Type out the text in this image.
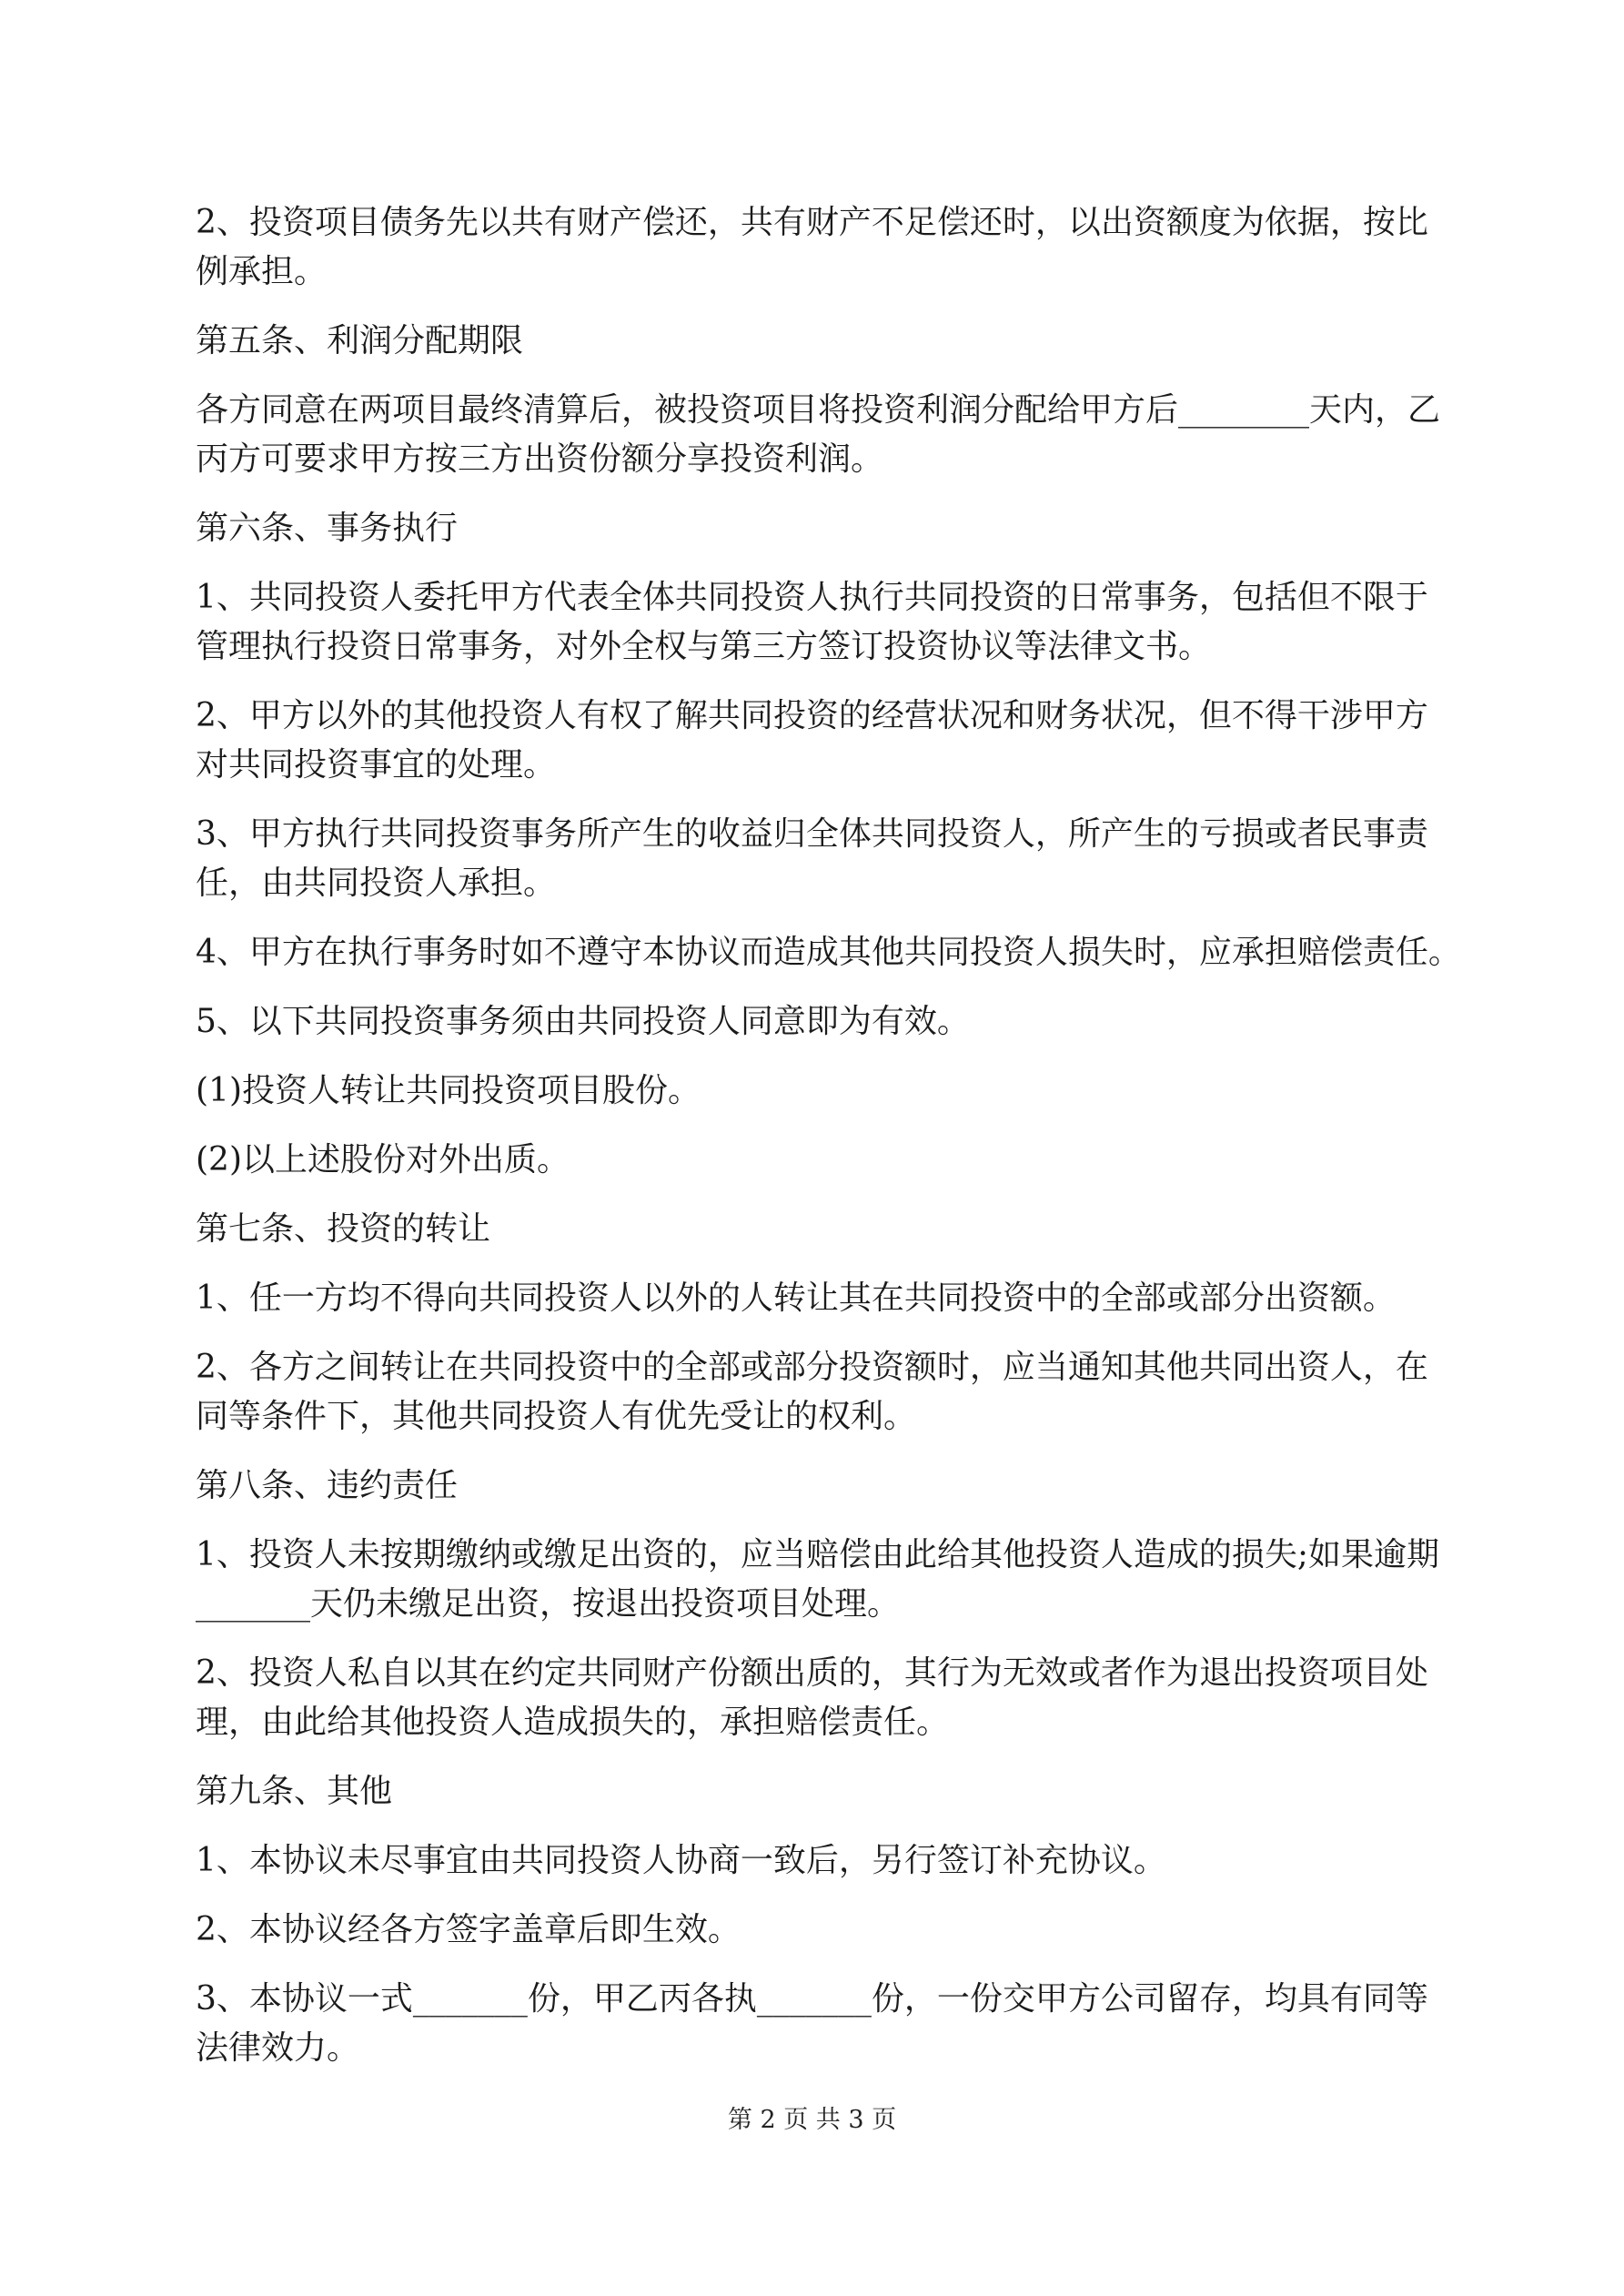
2、投资项目债务先以共有财产偿还，共有财产不足偿还时，以出资额度为依据，按比

例承担。

第五条、利润分配期限

各方同意在两项目最终清算后，被投资项目将投资利润分配给甲方后________天内，乙

丙方可要求甲方按三方出资份额分享投资利润。

第六条、事务执行

1、共同投资人委托甲方代表全体共同投资人执行共同投资的日常事务，包括但不限于

管理执行投资日常事务，对外全权与第三方签订投资协议等法律文书。

2、甲方以外的其他投资人有权了解共同投资的经营状况和财务状况，但不得干涉甲方

对共同投资事宜的处理。

3、甲方执行共同投资事务所产生的收益归全体共同投资人，所产生的亏损或者民事责

任，由共同投资人承担。

4、甲方在执行事务时如不遵守本协议而造成其他共同投资人损失时，应承担赔偿责任。

5、以下共同投资事务须由共同投资人同意即为有效。

(1)投资人转让共同投资项目股份。

(2)以上述股份对外出质。

第七条、投资的转让

1、任一方均不得向共同投资人以外的人转让其在共同投资中的全部或部分出资额。

2、各方之间转让在共同投资中的全部或部分投资额时，应当通知其他共同出资人，在

同等条件下，其他共同投资人有优先受让的权利。

第八条、违约责任

1、投资人未按期缴纳或缴足出资的，应当赔偿由此给其他投资人造成的损失;如果逾期

_______天仍未缴足出资，按退出投资项目处理。

2、投资人私自以其在约定共同财产份额出质的，其行为无效或者作为退出投资项目处

理，由此给其他投资人造成损失的，承担赔偿责任。

第九条、其他

1、本协议未尽事宜由共同投资人协商一致后，另行签订补充协议。

2、本协议经各方签字盖章后即生效。

3、本协议一式_______份，甲乙丙各执_______份，一份交甲方公司留存，均具有同等

法律效力。

第 2 页 共 3 页
